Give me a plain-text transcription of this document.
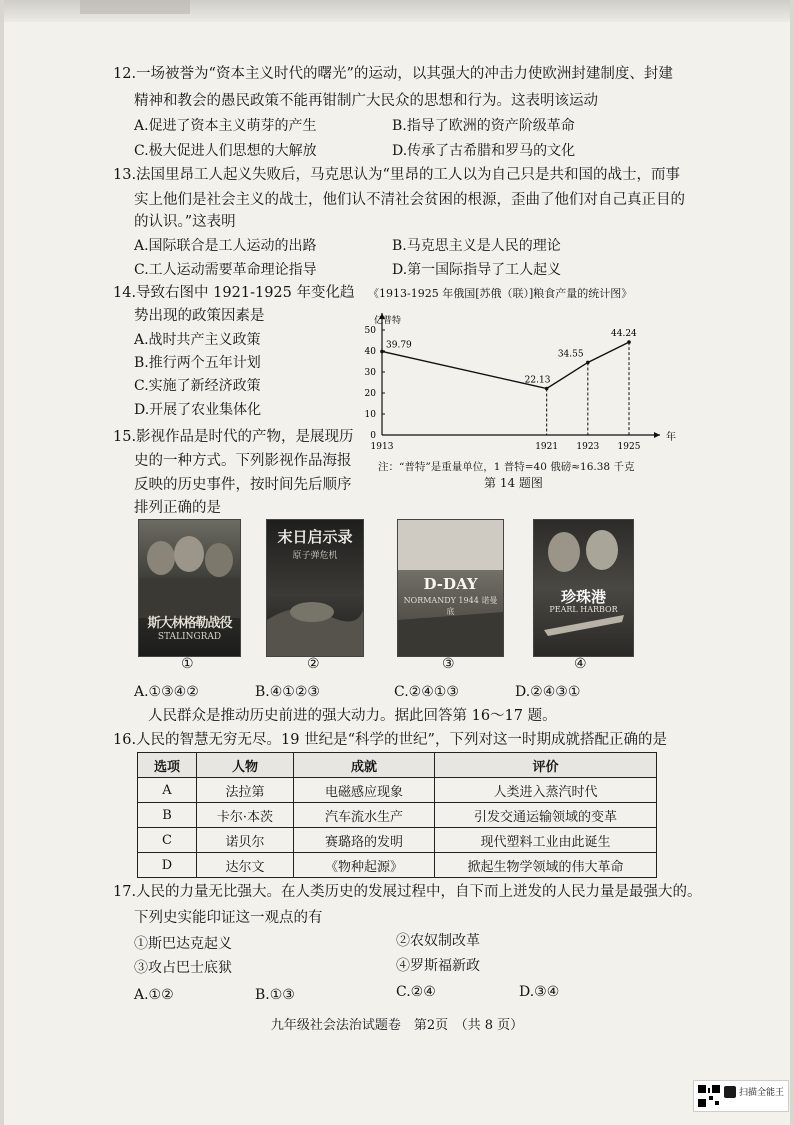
12.一场被誉为“资本主义时代的曙光”的运动，以其强大的冲击力使欧洲封建制度、封建
精神和教会的愚民政策不能再钳制广大民众的思想和行为。这表明该运动
A.促进了资本主义萌芽的产生	B.指导了欧洲的资产阶级革命
C.极大促进人们思想的大解放	D.传承了古希腊和罗马的文化
13.法国里昂工人起义失败后，马克思认为“里昂的工人以为自己只是共和国的战士，而事
实上他们是社会主义的战士，他们认不清社会贫困的根源，歪曲了他们对自己真正目的
的认识。”这表明
A.国际联合是工人运动的出路	B.马克思主义是人民的理论
C.工人运动需要革命理论指导	D.第一国际指导了工人起义
14.导致右图中 1921-1925 年变化趋
势出现的政策因素是
A.战时共产主义政策
B.推行两个五年计划
C.实施了新经济政策
D.开展了农业集体化
《1913-1925 年俄国[苏俄（联）]粮食产量的统计图》
亿普特
年
0
10
20
30
40
50
1913	1921 1923 1925
39.79
22.13
34.55
44.24
注：“普特”是重量单位，1 普特=40 俄磅≈16.38 千克
第 14 题图
15.影视作品是时代的产物，是展现历
史的一种方式。下列影视作品海报
反映的历史事件，按时间先后顺序
排列正确的是
斯大林格勒战役
STALINGRAD
末日启示录
原子弹危机
D-DAY
NORMANDY 1944 诺曼底
珍珠港
PEARL HARBOR
①	②	③	④
A.①③④②	B.④①②③	C.②④①③	D.②④③①
人民群众是推动历史前进的强大动力。据此回答第 16～17 题。
16.人民的智慧无穷无尽。19 世纪是“科学的世纪”，下列对这一时期成就搭配正确的是
选项	人物	成就	评价
A	法拉第	电磁感应现象	人类进入蒸汽时代
B	卡尔·本茨	汽车流水生产	引发交通运输领域的变革
C	诺贝尔	赛璐珞的发明	现代塑料工业由此诞生
D	达尔文	《物种起源》	掀起生物学领域的伟大革命
17.人民的力量无比强大。在人类历史的发展过程中，自下而上迸发的人民力量是最强大的。
下列史实能印证这一观点的有
①斯巴达克起义	②农奴制改革
③攻占巴士底狱	④罗斯福新政
A.①②	B.①③	C.②④	D.③④
九年级社会法治试题卷　第2页　（共 8 页）
扫描全能王
